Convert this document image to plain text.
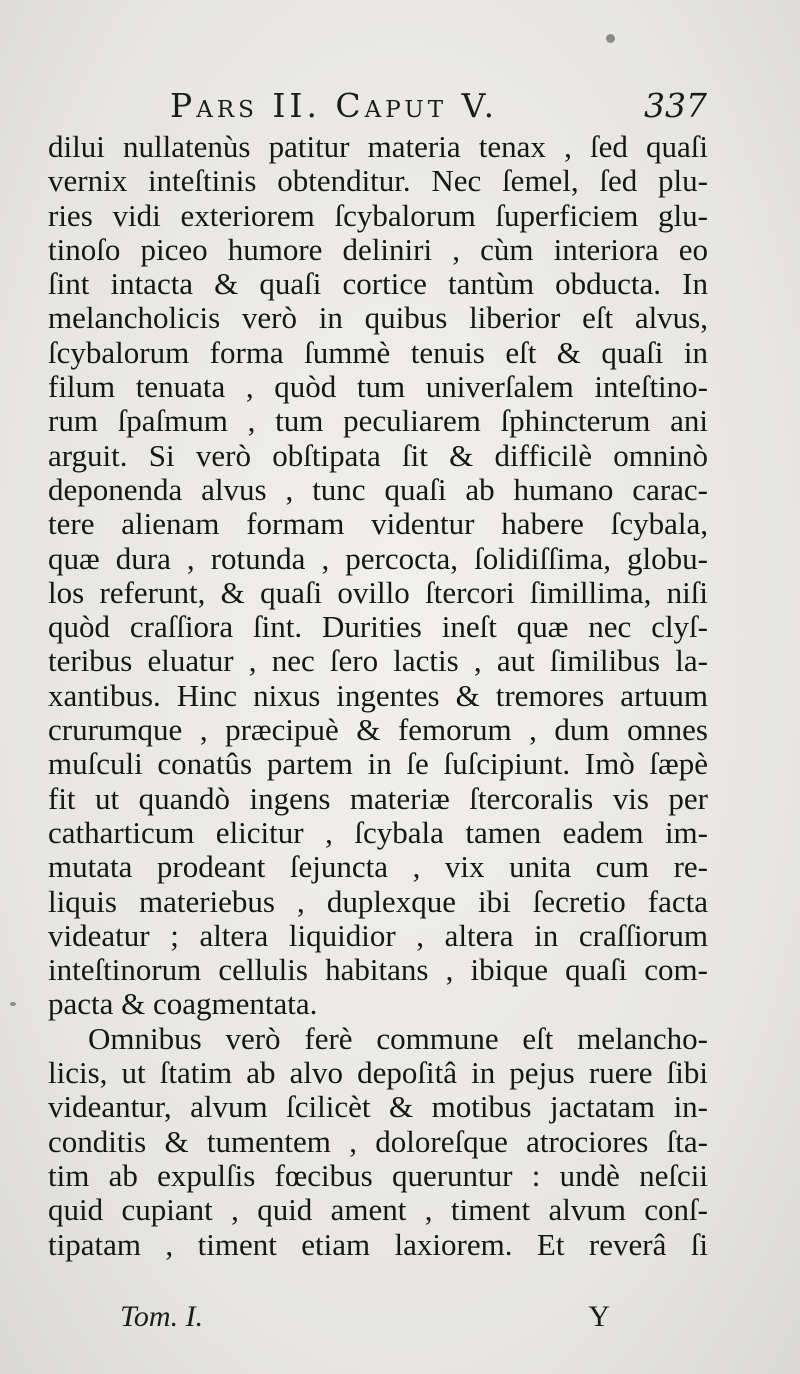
Pars II. Caput V.	337
dilui nullatenùs patitur materia tenax , ſed quaſi
vernix inteſtinis obtenditur. Nec ſemel, ſed plu-
ries vidi exteriorem ſcybalorum ſuperficiem glu-
tinoſo piceo humore deliniri , cùm interiora eo
ſint intacta & quaſi cortice tantùm obducta. In
melancholicis verò in quibus liberior eſt alvus,
ſcybalorum forma ſummè tenuis eſt & quaſi in
filum tenuata , quòd tum univerſalem inteſtino-
rum ſpaſmum , tum peculiarem ſphincterum ani
arguit. Si verò obſtipata ſit & difficilè omninò
deponenda alvus , tunc quaſi ab humano carac-
tere alienam formam videntur habere ſcybala,
quæ dura , rotunda , percocta, ſolidiſſima, globu-
los referunt, & quaſi ovillo ſtercori ſimillima, niſi
quòd craſſiora ſint. Durities ineſt quæ nec clyſ-
teribus eluatur , nec ſero lactis , aut ſimilibus la-
xantibus. Hinc nixus ingentes & tremores artuum
crurumque , præcipuè & femorum , dum omnes
muſculi conatûs partem in ſe ſuſcipiunt. Imò ſæpè
fit ut quandò ingens materiæ ſtercoralis vis per
catharticum elicitur , ſcybala tamen eadem im-
mutata prodeant ſejuncta , vix unita cum re-
liquis materiebus , duplexque ibi ſecretio facta
videatur ; altera liquidior , altera in craſſiorum
inteſtinorum cellulis habitans , ibique quaſi com-
pacta & coagmentata.
Omnibus verò ferè commune eſt melancho-
licis, ut ſtatim ab alvo depoſitâ in pejus ruere ſibi
videantur, alvum ſcilicèt & motibus jactatam in-
conditis & tumentem , doloreſque atrociores ſta-
tim ab expulſis fœcibus queruntur : undè neſcii
quid cupiant , quid ament , timent alvum conſ-
tipatam , timent etiam laxiorem. Et reverâ ſi
Tom. I.	Y
